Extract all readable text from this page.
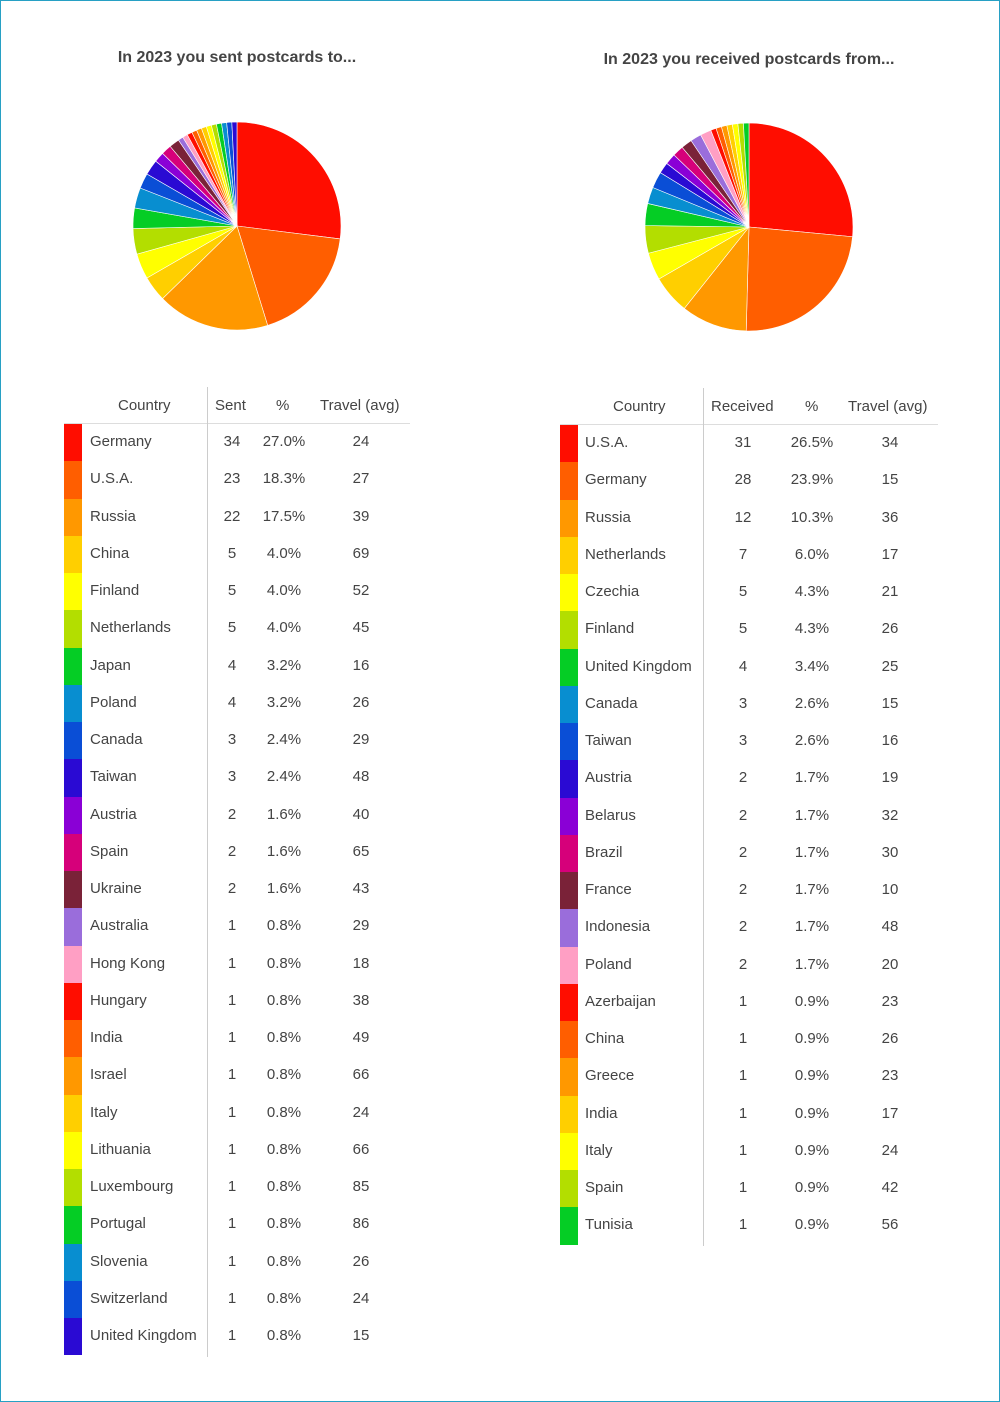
In 2023 you sent postcards to...
Country	Sent % Travel (avg)
Germany	34	27.0%	24
U.S.A.	23	18.3%	27
Russia	22	17.5%	39
China	5	4.0%	69
Finland	5	4.0%	52
Netherlands	5	4.0%	45
Japan	4	3.2%	16
Poland	4	3.2%	26
Canada	3	2.4%	29
Taiwan	3	2.4%	48
Austria	2	1.6%	40
Spain	2	1.6%	65
Ukraine	2	1.6%	43
Australia	1	0.8%	29
Hong Kong	1	0.8%	18
Hungary	1	0.8%	38
India	1	0.8%	49
Israel	1	0.8%	66
Italy	1	0.8%	24
Lithuania	1	0.8%	66
Luxembourg	1	0.8%	85
Portugal	1	0.8%	86
Slovenia	1	0.8%	26
Switzerland	1	0.8%	24
United Kingdom	1	0.8%	15
In 2023 you received postcards from...
Country	Received % Travel (avg)
U.S.A.	31	26.5%	34
Germany	28	23.9%	15
Russia	12	10.3%	36
Netherlands	7	6.0%	17
Czechia	5	4.3%	21
Finland	5	4.3%	26
United Kingdom	4	3.4%	25
Canada	3	2.6%	15
Taiwan	3	2.6%	16
Austria	2	1.7%	19
Belarus	2	1.7%	32
Brazil	2	1.7%	30
France	2	1.7%	10
Indonesia	2	1.7%	48
Poland	2	1.7%	20
Azerbaijan	1	0.9%	23
China	1	0.9%	26
Greece	1	0.9%	23
India	1	0.9%	17
Italy	1	0.9%	24
Spain	1	0.9%	42
Tunisia	1	0.9%	56
